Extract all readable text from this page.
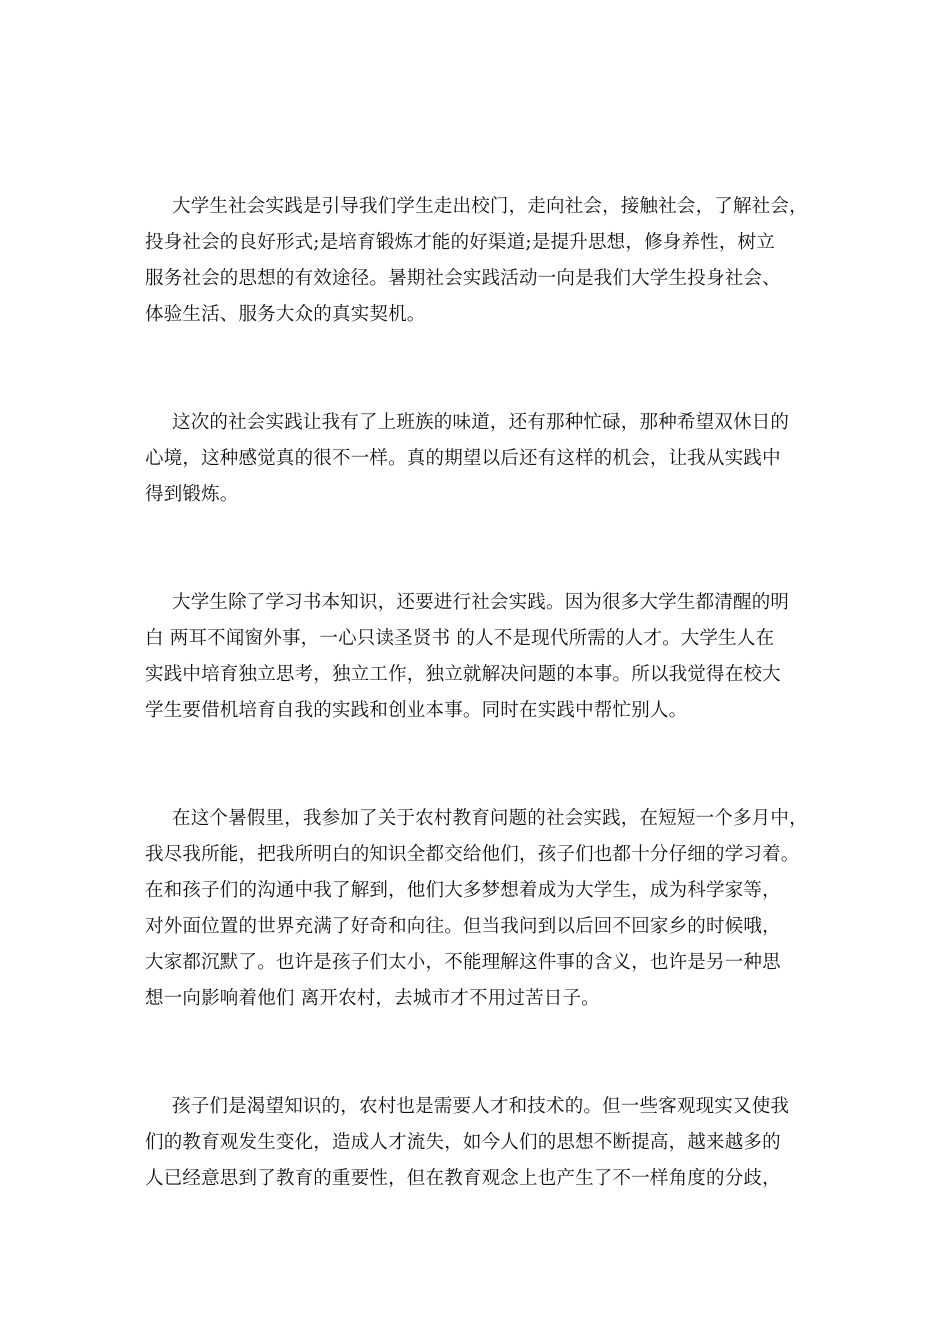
大学生社会实践是引导我们学生走出校门，走向社会，接触社会，了解社会，
投身社会的良好形式;是培育锻炼才能的好渠道;是提升思想，修身养性，树立
服务社会的思想的有效途径。暑期社会实践活动一向是我们大学生投身社会、
体验生活、服务大众的真实契机。
这次的社会实践让我有了上班族的味道，还有那种忙碌，那种希望双休日的
心境，这种感觉真的很不一样。真的期望以后还有这样的机会，让我从实践中
得到锻炼。
大学生除了学习书本知识，还要进行社会实践。因为很多大学生都清醒的明
白 两耳不闻窗外事，一心只读圣贤书 的人不是现代所需的人才。大学生人在
实践中培育独立思考，独立工作，独立就解决问题的本事。所以我觉得在校大
学生要借机培育自我的实践和创业本事。同时在实践中帮忙别人。
在这个暑假里，我参加了关于农村教育问题的社会实践，在短短一个多月中，
我尽我所能，把我所明白的知识全都交给他们，孩子们也都十分仔细的学习着。
在和孩子们的沟通中我了解到，他们大多梦想着成为大学生，成为科学家等，
对外面位置的世界充满了好奇和向往。但当我问到以后回不回家乡的时候哦，
大家都沉默了。也许是孩子们太小，不能理解这件事的含义，也许是另一种思
想一向影响着他们 离开农村，去城市才不用过苦日子。
孩子们是渴望知识的，农村也是需要人才和技术的。但一些客观现实又使我
们的教育观发生变化，造成人才流失，如今人们的思想不断提高，越来越多的
人已经意思到了教育的重要性，但在教育观念上也产生了不一样角度的分歧，
